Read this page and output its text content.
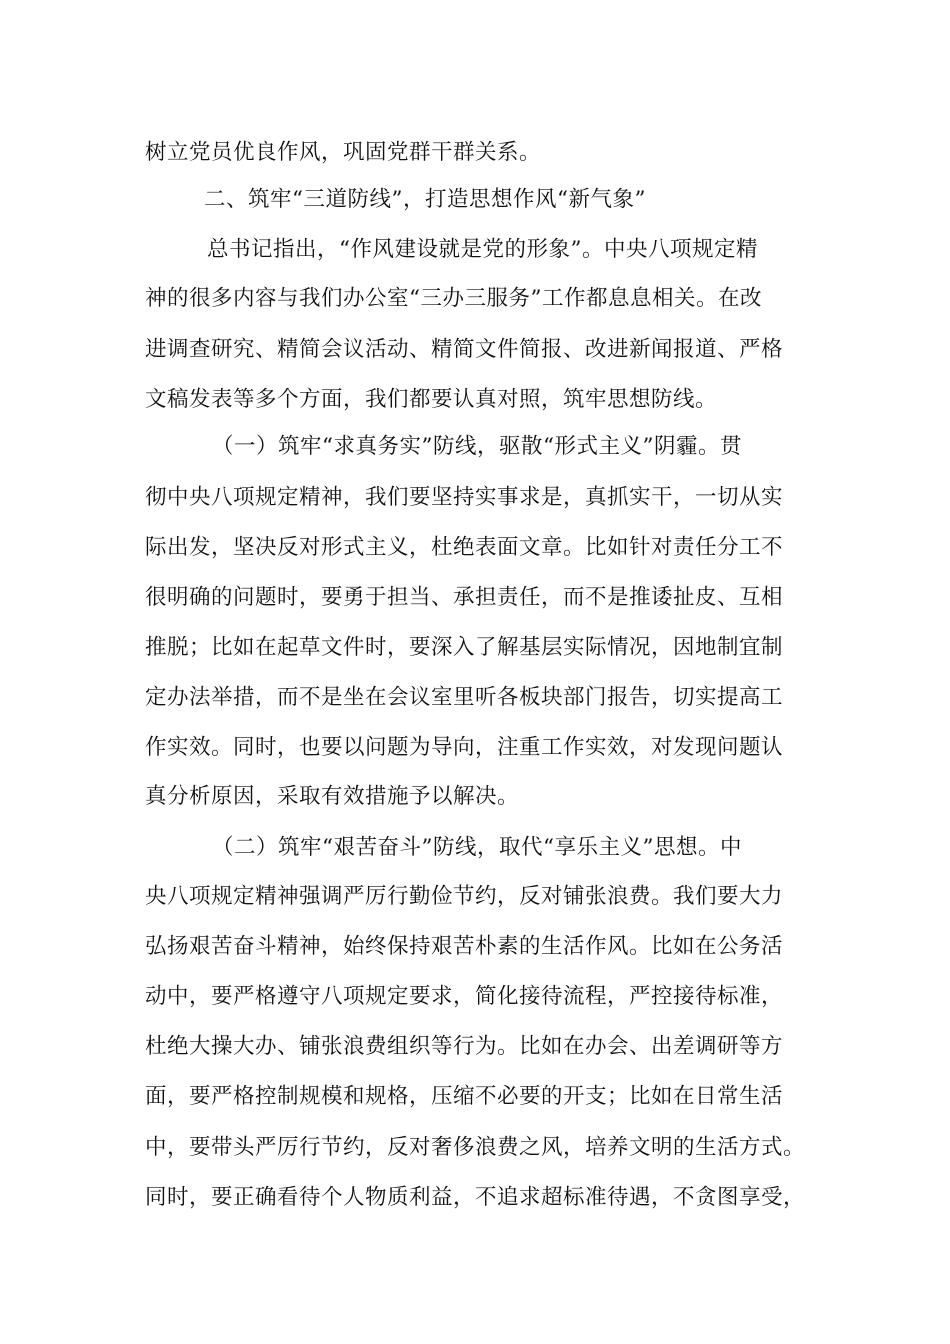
树立党员优良作风，巩固党群干群关系。
二、筑牢“三道防线”，打造思想作风“新气象”
总书记指出，“作风建设就是党的形象”。中央八项规定精
神的很多内容与我们办公室“三办三服务”工作都息息相关。在改
进调查研究、精简会议活动、精简文件简报、改进新闻报道、严格
文稿发表等多个方面，我们都要认真对照，筑牢思想防线。
（一）筑牢“求真务实”防线，驱散“形式主义”阴霾。贯
彻中央八项规定精神，我们要坚持实事求是，真抓实干，一切从实
际出发，坚决反对形式主义，杜绝表面文章。比如针对责任分工不
很明确的问题时，要勇于担当、承担责任，而不是推诿扯皮、互相
推脱；比如在起草文件时，要深入了解基层实际情况，因地制宜制
定办法举措，而不是坐在会议室里听各板块部门报告，切实提高工
作实效。同时，也要以问题为导向，注重工作实效，对发现问题认
真分析原因，采取有效措施予以解决。
（二）筑牢“艰苦奋斗”防线，取代“享乐主义”思想。中
央八项规定精神强调严厉行勤俭节约，反对铺张浪费。我们要大力
弘扬艰苦奋斗精神，始终保持艰苦朴素的生活作风。比如在公务活
动中，要严格遵守八项规定要求，简化接待流程，严控接待标准，
杜绝大操大办、铺张浪费组织等行为。比如在办会、出差调研等方
面，要严格控制规模和规格，压缩不必要的开支；比如在日常生活
中，要带头严厉行节约，反对奢侈浪费之风，培养文明的生活方式。
同时，要正确看待个人物质利益，不追求超标准待遇，不贪图享受，
